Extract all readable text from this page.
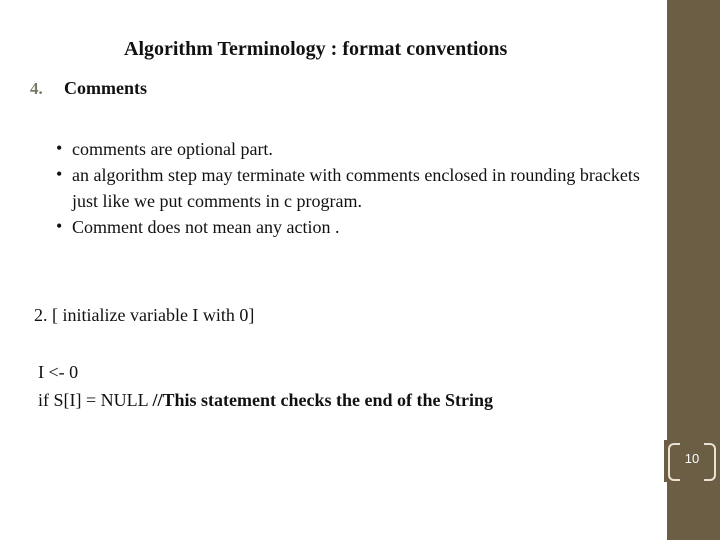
Algorithm Terminology : format conventions
4. Comments
• comments are optional part.
• an algorithm step may terminate with comments enclosed in rounding brackets just like we put comments in c program.
• Comment does not mean any action .
2. [ initialize variable I with 0]
I <- 0
if S[I] = NULL //This statement checks the end of the String
10
